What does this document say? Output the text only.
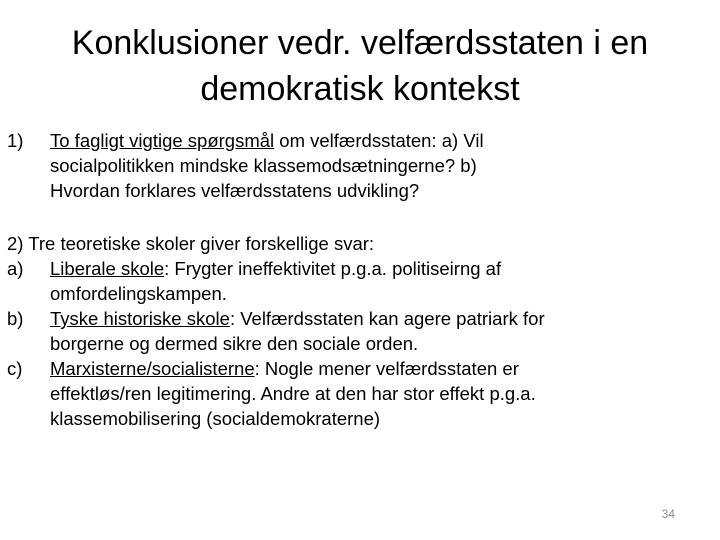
Konklusioner vedr. velfærdsstaten i en
demokratisk kontekst
1)	To fagligt vigtige spørgsmål om velfærdsstaten: a) Vil
socialpolitikken mindske klassemodsætningerne? b)
Hvordan forklares velfærdsstatens udvikling?
2) Tre teoretiske skoler giver forskellige svar:
a)	Liberale skole: Frygter ineffektivitet p.g.a. politiseirng af
omfordelingskampen.
b)	Tyske historiske skole: Velfærdsstaten kan agere patriark for
borgerne og dermed sikre den sociale orden.
c)	Marxisterne/socialisterne: Nogle mener velfærdsstaten er
effektløs/ren legitimering. Andre at den har stor effekt p.g.a.
klassemobilisering (socialdemokraterne)
34
